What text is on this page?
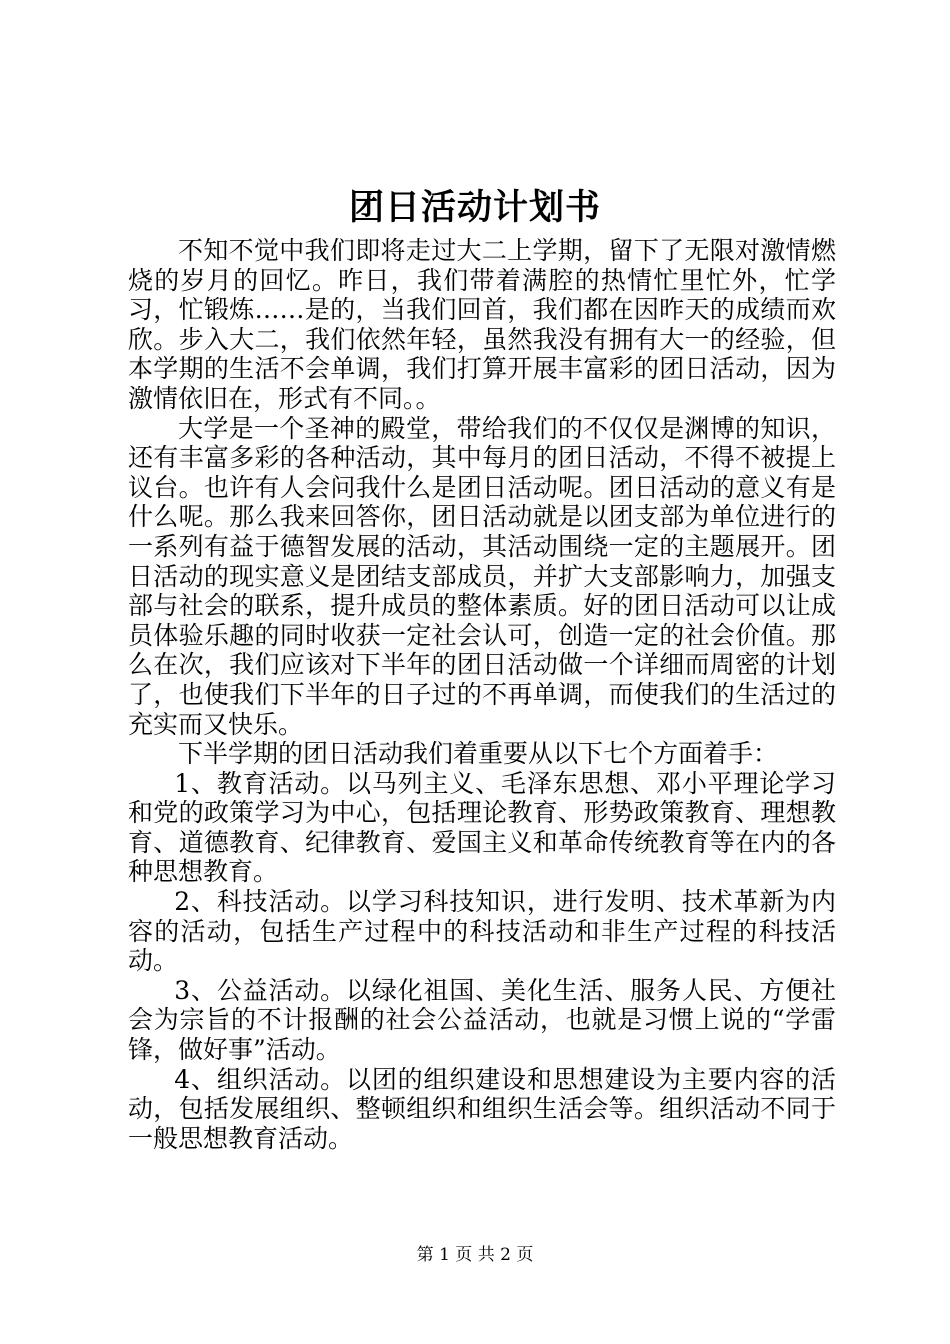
团日活动计划书

不知不觉中我们即将走过大二上学期，留下了无限对激情燃烧的岁月的回忆。昨日，我们带着满腔的热情忙里忙外，忙学习，忙锻炼……是的，当我们回首，我们都在因昨天的成绩而欢欣。步入大二，我们依然年轻，虽然我没有拥有大一的经验，但本学期的生活不会单调，我们打算开展丰富彩的团日活动，因为激情依旧在，形式有不同。。

大学是一个圣神的殿堂，带给我们的不仅仅是渊博的知识，还有丰富多彩的各种活动，其中每月的团日活动，不得不被提上议台。也许有人会问我什么是团日活动呢。团日活动的意义有是什么呢。那么我来回答你，团日活动就是以团支部为单位进行的一系列有益于德智发展的活动，其活动围绕一定的主题展开。团日活动的现实意义是团结支部成员，并扩大支部影响力，加强支部与社会的联系，提升成员的整体素质。好的团日活动可以让成员体验乐趣的同时收获一定社会认可，创造一定的社会价值。那么在次，我们应该对下半年的团日活动做一个详细而周密的计划了，也使我们下半年的日子过的不再单调，而使我们的生活过的充实而又快乐。

下半学期的团日活动我们着重要从以下七个方面着手：

1、教育活动。以马列主义、毛泽东思想、邓小平理论学习和党的政策学习为中心，包括理论教育、形势政策教育、理想教育、道德教育、纪律教育、爱国主义和革命传统教育等在内的各种思想教育。

2、科技活动。以学习科技知识，进行发明、技术革新为内容的活动，包括生产过程中的科技活动和非生产过程的科技活动。

3、公益活动。以绿化祖国、美化生活、服务人民、方便社会为宗旨的不计报酬的社会公益活动，也就是习惯上说的“学雷锋，做好事”活动。

4、组织活动。以团的组织建设和思想建设为主要内容的活动，包括发展组织、整顿组织和组织生活会等。组织活动不同于一般思想教育活动。

第 1 页 共 2 页
